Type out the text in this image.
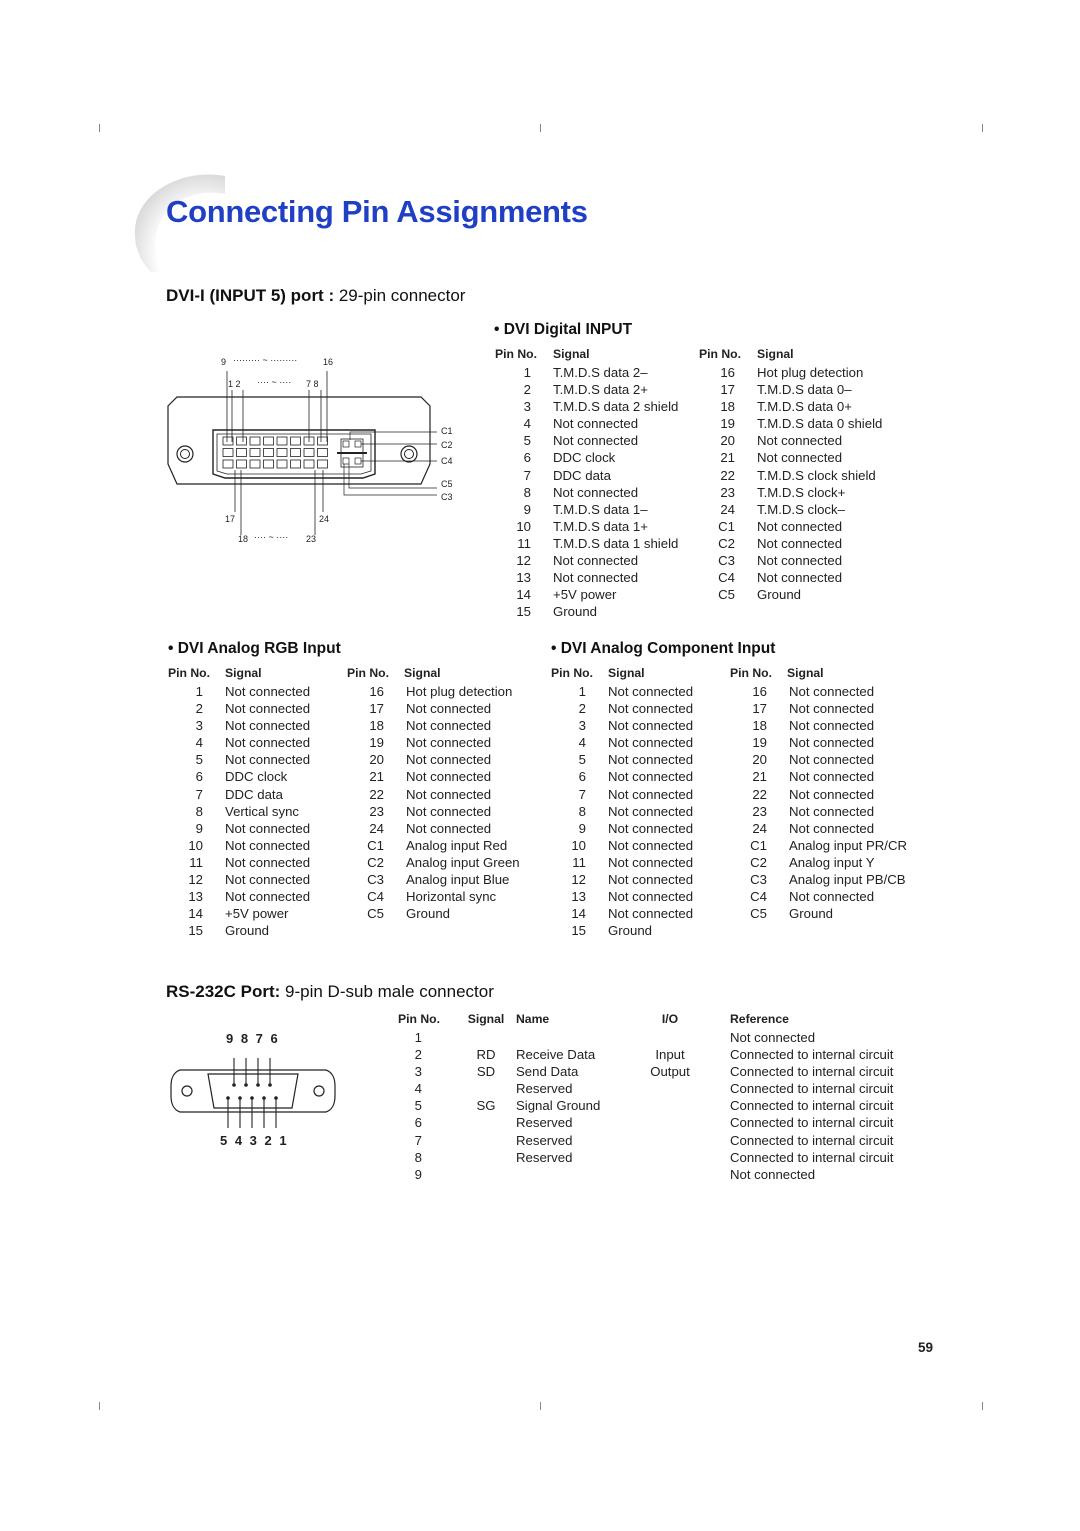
Connecting Pin Assignments
DVI-I (INPUT 5) port : 29-pin connector
9 ········· ~ ·········	16
1 2 ···· ~ ···· 7 8
C1
C2
C4
C5
C3
17	24
18 ···· ~ ···· 23
• DVI Digital INPUT
Pin No.	Signal	Pin No.	Signal
1	T.M.D.S data 2–	16	Hot plug detection
2	T.M.D.S data 2+	17	T.M.D.S data 0–
3	T.M.D.S data 2 shield	18	T.M.D.S data 0+
4	Not connected	19	T.M.D.S data 0 shield
5	Not connected	20	Not connected
6	DDC clock	21	Not connected
7	DDC data	22	T.M.D.S clock shield
8	Not connected	23	T.M.D.S clock+
9	T.M.D.S data 1–	24	T.M.D.S clock–
10	T.M.D.S data 1+	C1	Not connected
11	T.M.D.S data 1 shield	C2	Not connected
12	Not connected	C3	Not connected
13	Not connected	C4	Not connected
14	+5V power	C5	Ground
15	Ground		
• DVI Analog RGB Input
Pin No.	Signal	Pin No.	Signal
1	Not connected	16	Hot plug detection
2	Not connected	17	Not connected
3	Not connected	18	Not connected
4	Not connected	19	Not connected
5	Not connected	20	Not connected
6	DDC clock	21	Not connected
7	DDC data	22	Not connected
8	Vertical sync	23	Not connected
9	Not connected	24	Not connected
10	Not connected	C1	Analog input Red
11	Not connected	C2	Analog input Green
12	Not connected	C3	Analog input Blue
13	Not connected	C4	Horizontal sync
14	+5V power	C5	Ground
15	Ground		
• DVI Analog Component Input
Pin No.	Signal	Pin No.	Signal
1	Not connected	16	Not connected
2	Not connected	17	Not connected
3	Not connected	18	Not connected
4	Not connected	19	Not connected
5	Not connected	20	Not connected
6	Not connected	21	Not connected
7	Not connected	22	Not connected
8	Not connected	23	Not connected
9	Not connected	24	Not connected
10	Not connected	C1	Analog input PR/CR
11	Not connected	C2	Analog input Y
12	Not connected	C3	Analog input PB/CB
13	Not connected	C4	Not connected
14	Not connected	C5	Ground
15	Ground		
RS-232C Port: 9-pin D-sub male connector
9 8 7 6
5 4 3 2 1
Pin No.	Signal	Name	I/O	Reference
1				Not connected
2	RD	Receive Data	Input	Connected to internal circuit
3	SD	Send Data	Output	Connected to internal circuit
4		Reserved		Connected to internal circuit
5	SG	Signal Ground		Connected to internal circuit
6		Reserved		Connected to internal circuit
7		Reserved		Connected to internal circuit
8		Reserved		Connected to internal circuit
9				Not connected
59
